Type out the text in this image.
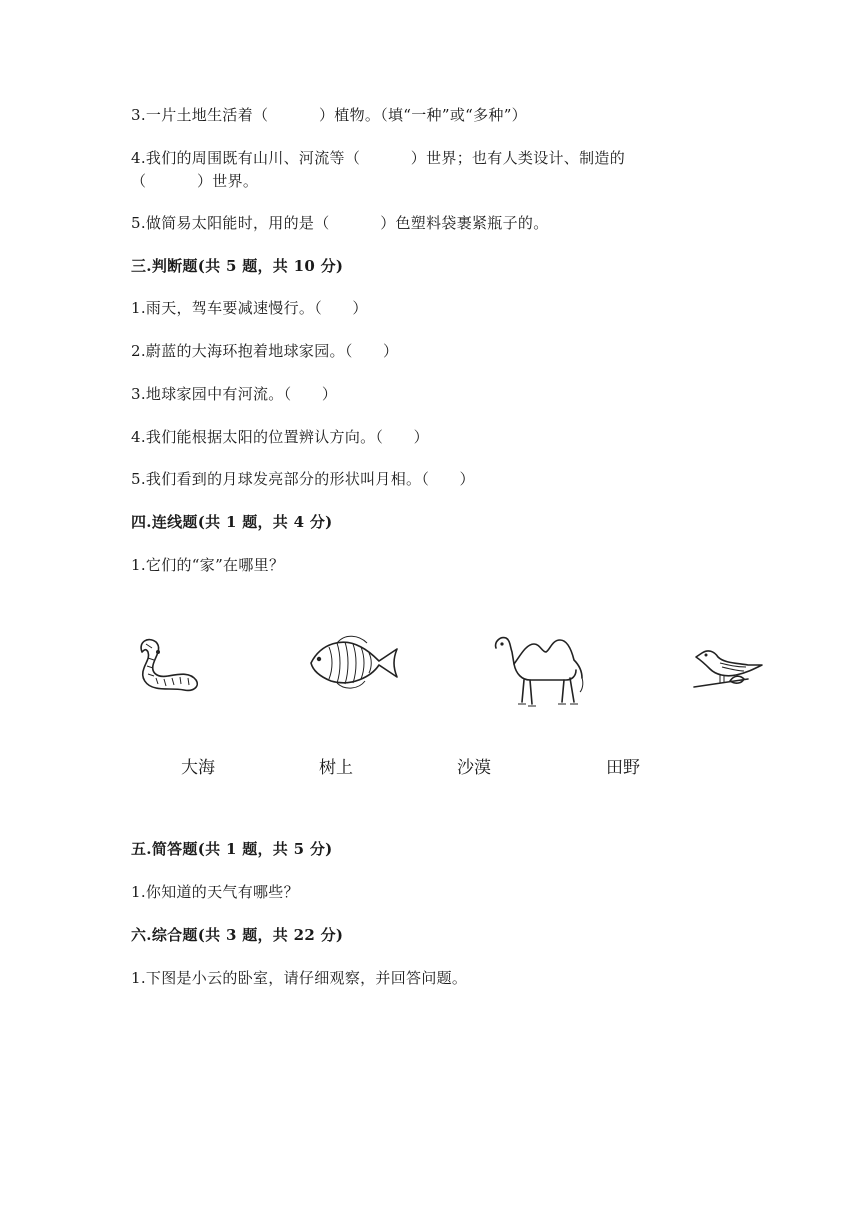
3.一片土地生活着（          ）植物。（填“一种”或“多种”）
4.我们的周围既有山川、河流等（          ）世界；也有人类设计、制造的
（          ）世界。
5.做简易太阳能时，用的是（          ）色塑料袋裹紧瓶子的。
三.判断题(共 5 题，共 10 分)
1.雨天，驾车要减速慢行。（      ）
2.蔚蓝的大海环抱着地球家园。（      ）
3.地球家园中有河流。（      ）
4.我们能根据太阳的位置辨认方向。（      ）
5.我们看到的月球发亮部分的形状叫月相。（      ）
四.连线题(共 1 题，共 4 分)
1.它们的“家”在哪里？
大海	树上	沙漠	田野
五.简答题(共 1 题，共 5 分)
1.你知道的天气有哪些？
六.综合题(共 3 题，共 22 分)
1.下图是小云的卧室，请仔细观察，并回答问题。
